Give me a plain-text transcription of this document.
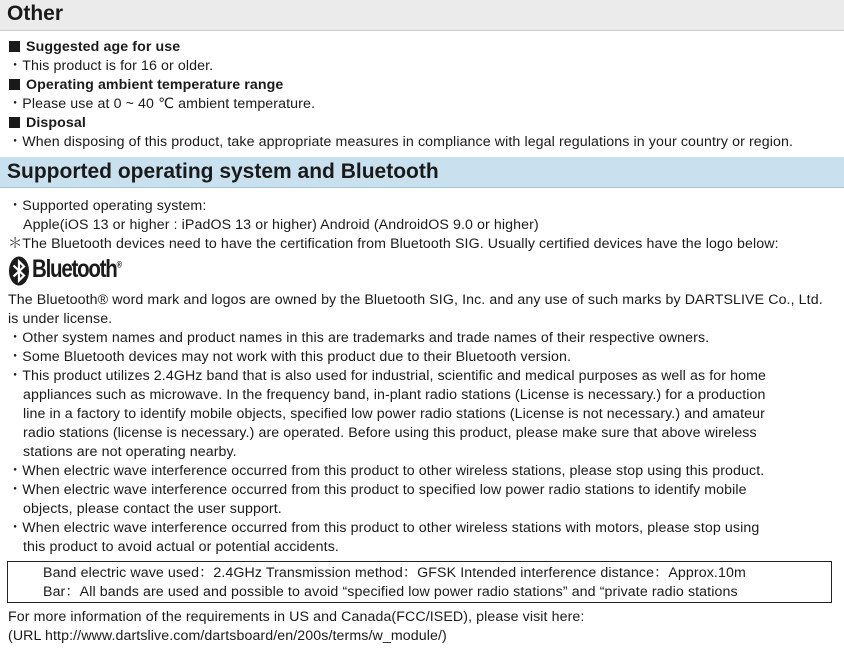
Other
Suggested age for use
・This product is for 16 or older.
Operating ambient temperature range
・Please use at 0 ~ 40 ℃ ambient temperature.
Disposal
・When disposing of this product, take appropriate measures in compliance with legal regulations in your country or region.
Supported operating system and Bluetooth
・Supported operating system:
Apple(iOS 13 or higher : iPadOS 13 or higher) Android (AndroidOS 9.0 or higher)
＊The Bluetooth devices need to have the certification from Bluetooth SIG. Usually certified devices have the logo below:
Bluetooth®
The Bluetooth® word mark and logos are owned by the Bluetooth SIG, Inc. and any use of such marks by DARTSLIVE Co., Ltd.
is under license.
・Other system names and product names in this are trademarks and trade names of their respective owners.
・Some Bluetooth devices may not work with this product due to their Bluetooth version.
・This product utilizes 2.4GHz band that is also used for industrial, scientific and medical purposes as well as for home
appliances such as microwave. In the frequency band, in-plant radio stations (License is necessary.) for a production
line in a factory to identify mobile objects, specified low power radio stations (License is not necessary.) and amateur
radio stations (license is necessary.) are operated. Before using this product, please make sure that above wireless
stations are not operating nearby.
・When electric wave interference occurred from this product to other wireless stations, please stop using this product.
・When electric wave interference occurred from this product to specified low power radio stations to identify mobile
objects, please contact the user support.
・When electric wave interference occurred from this product to other wireless stations with motors, please stop using
this product to avoid actual or potential accidents.
Band electric wave used：2.4GHz Transmission method：GFSK Intended interference distance：Approx.10m
Bar：All bands are used and possible to avoid “specified low power radio stations” and “private radio stations
For more information of the requirements in US and Canada(FCC/ISED), please visit here:
(URL http://www.dartslive.com/dartsboard/en/200s/terms/w_module/)
